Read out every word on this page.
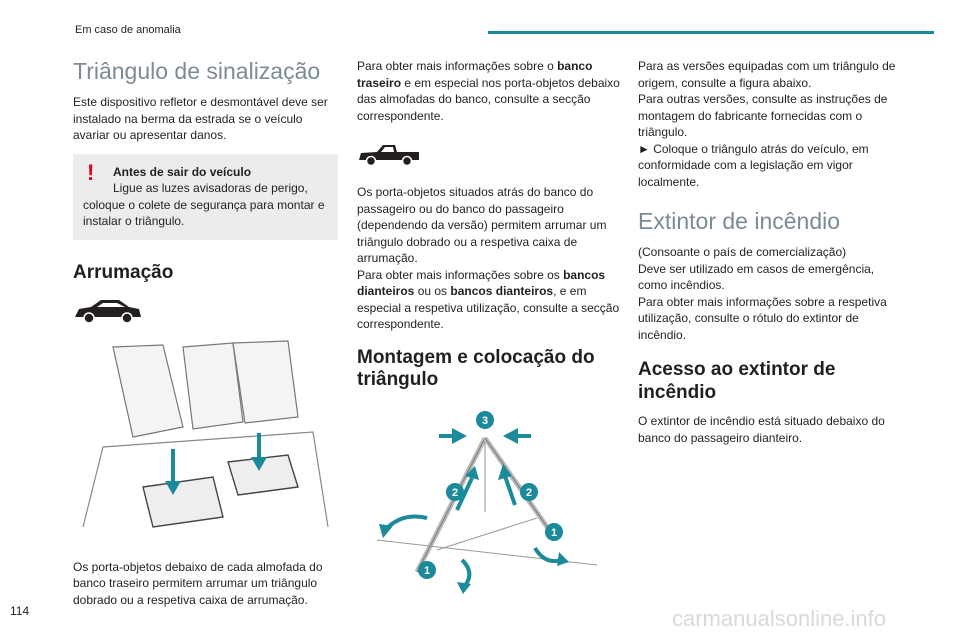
Em caso de anomalia
Triângulo de sinalização

Este dispositivo refletor e desmontável deve ser instalado na berma da estrada se o veículo avariar ou apresentar danos.

!	Antes de sair do veículo
Ligue as luzes avisadoras de perigo,
coloque o colete de segurança para montar e instalar o triângulo.
Arrumação

Os porta-objetos debaixo de cada almofada do banco traseiro permitem arrumar um triângulo dobrado ou a respetiva caixa de arrumação.

Para obter mais informações sobre o banco traseiro e em especial nos porta-objetos debaixo das almofadas do banco, consulte a secção correspondente.

Os porta-objetos situados atrás do banco do passageiro ou do banco do passageiro (dependendo da versão) permitem arrumar um triângulo dobrado ou a respetiva caixa de arrumação.

Para obter mais informações sobre os bancos dianteiros ou os bancos dianteiros, e em especial a respetiva utilização, consulte a secção correspondente.

Montagem e colocação do triângulo
3
2	2
1
1

Para as versões equipadas com um triângulo de origem, consulte a figura abaixo.

Para outras versões, consulte as instruções de montagem do fabricante fornecidas com o triângulo.

► Coloque o triângulo atrás do veículo, em conformidade com a legislação em vigor localmente.

Extintor de incêndio

(Consoante o país de comercialização)

Deve ser utilizado em casos de emergência, como incêndios.

Para obter mais informações sobre a respetiva utilização, consulte o rótulo do extintor de incêndio.

Acesso ao extintor de incêndio

O extintor de incêndio está situado debaixo do banco do passageiro dianteiro.

114	carmanualsonline.info
